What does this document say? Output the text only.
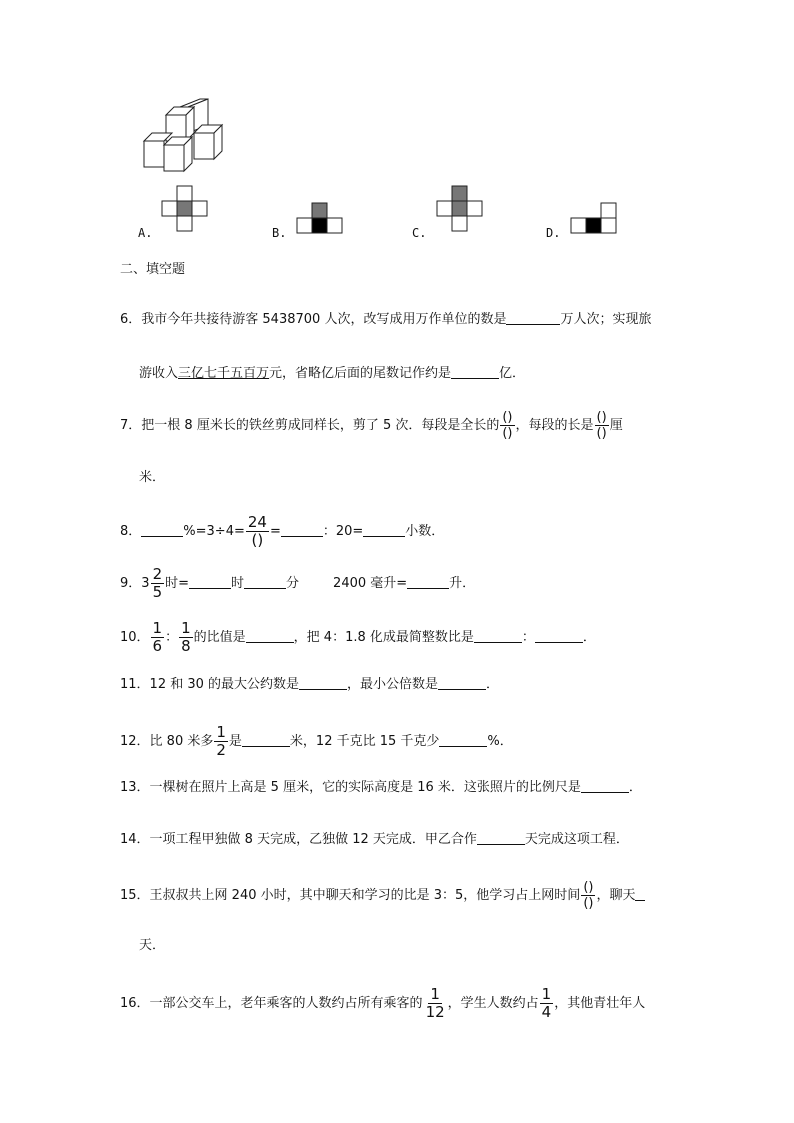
A.	B.	C.	D.
二、填空题
6．我市今年共接待游客 5438700 人次，改写成用万作单位的数是	万人次；实现旅
游收入三亿七千五百万元，省略亿后面的尾数记作约是	亿．
7．把一根 8 厘米长的铁丝剪成同样长，剪了 5 次．每段是全长的 $\frac{()}{()}$ ，每段的长是 $\frac{()}{()}$ 厘
米．
8．	$\%=3\div 4= \frac{24}{()}$ =	：20=	小数．
9． $3 \frac{2}{5}$ 时=	时	分	2400 毫升=	升．
10． $\frac{1}{6}$ ： $\frac{1}{8}$ 的比值是	，把 4：1.8 化成最简整数比是	：	．
11．12 和 30 的最大公约数是	，最小公倍数是	．
12．比 80 米多 $\frac{1}{2}$ 是	米，12 千克比 15 千克少	%．
13．一棵树在照片上高是 5 厘米，它的实际高度是 16 米．这张照片的比例尺是	．
14．一项工程甲独做 8 天完成，乙独做 12 天完成．甲乙合作	天完成这项工程．
15．王叔叔共上网 240 小时，其中聊天和学习的比是 3：5，他学习占上网时间 $\frac{()}{()}$ ，聊天
天．
16．一部公交车上，老年乘客的人数约占所有乘客的 $\frac{1}{12}$ ，学生人数约占 $\frac{1}{4}$ ，其他青壮年人
